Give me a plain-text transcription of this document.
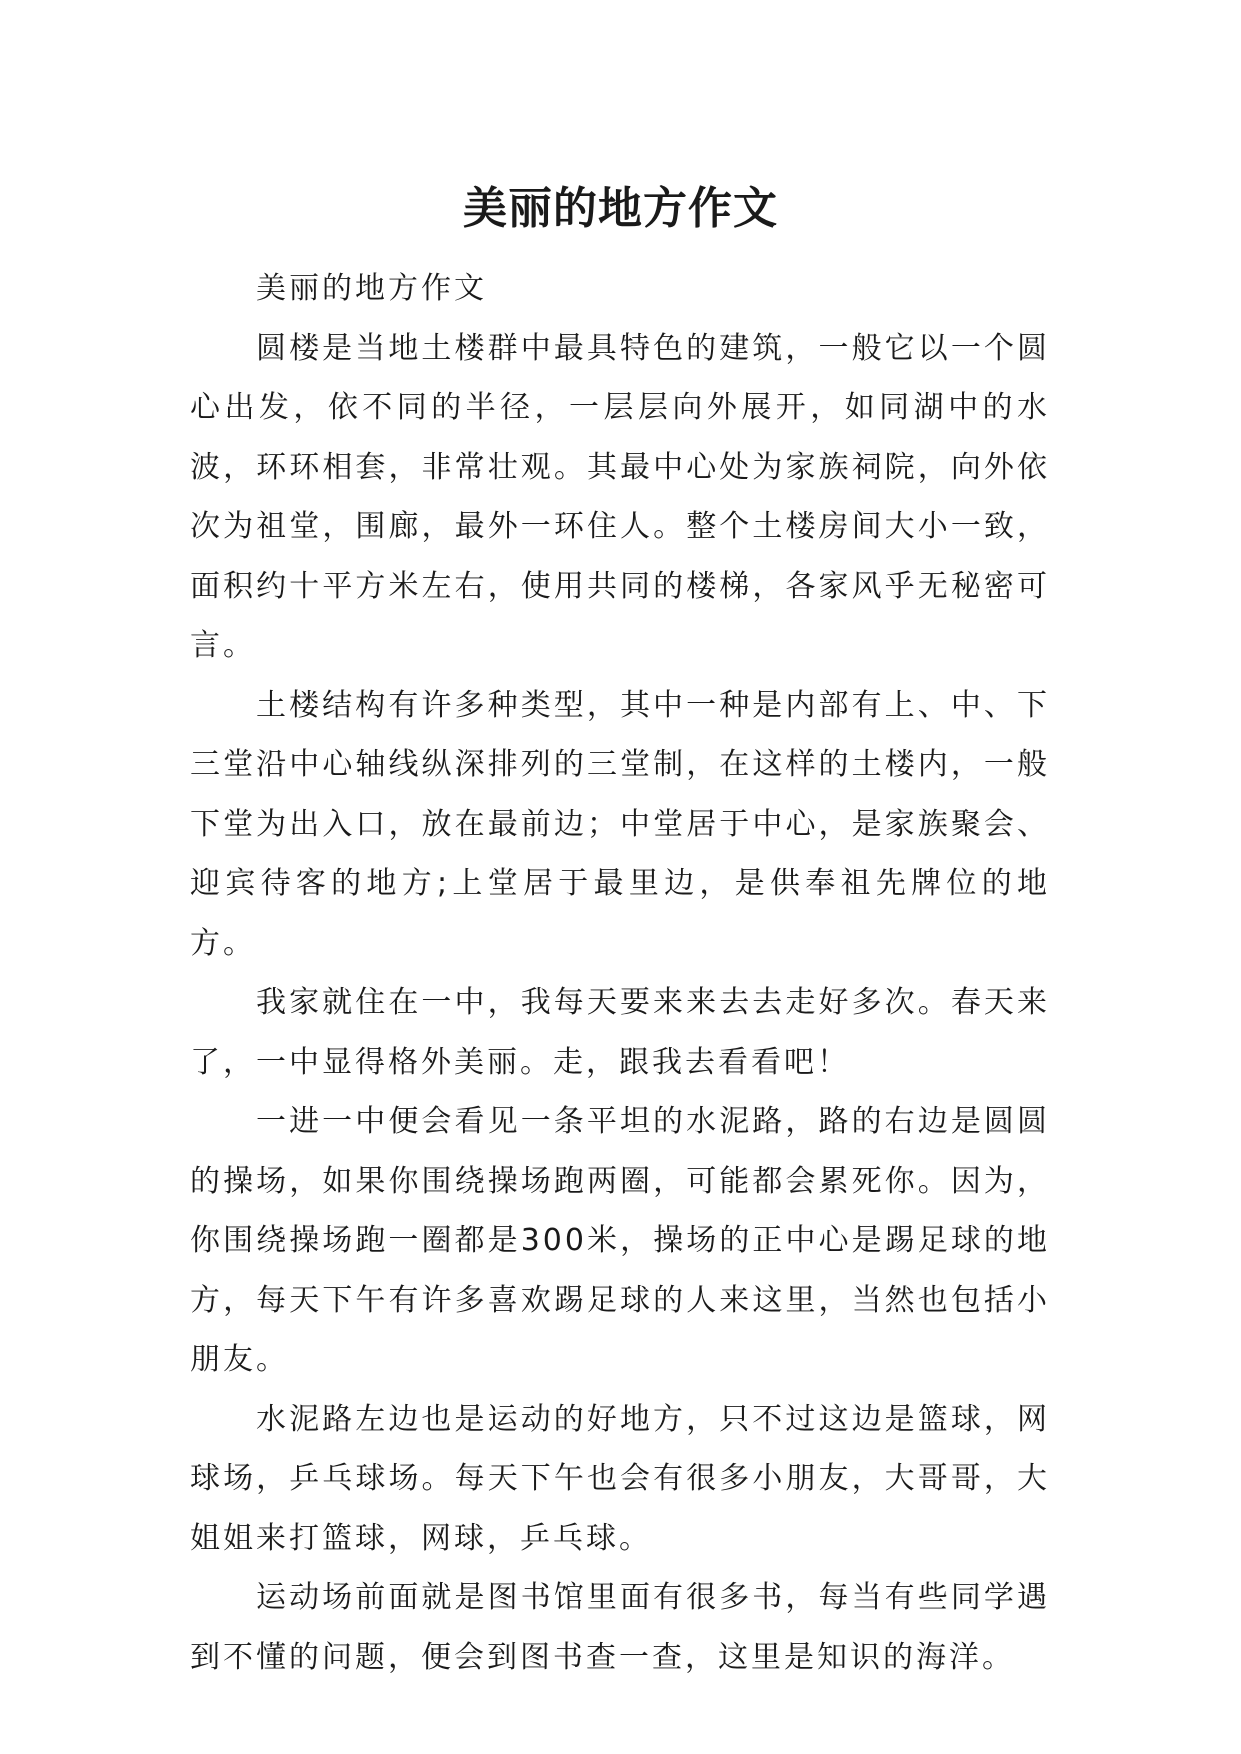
美丽的地方作文

美丽的地方作文

圆楼是当地土楼群中最具特色的建筑，一般它以一个圆心出发，依不同的半径，一层层向外展开，如同湖中的水波，环环相套，非常壮观。其最中心处为家族祠院，向外依次为祖堂，围廊，最外一环住人。整个土楼房间大小一致，面积约十平方米左右，使用共同的楼梯，各家风乎无秘密可言。

土楼结构有许多种类型，其中一种是内部有上、中、下三堂沿中心轴线纵深排列的三堂制，在这样的土楼内，一般下堂为出入口，放在最前边；中堂居于中心，是家族聚会、迎宾待客的地方;上堂居于最里边，是供奉祖先牌位的地方。

我家就住在一中，我每天要来来去去走好多次。春天来了，一中显得格外美丽。走，跟我去看看吧！

一进一中便会看见一条平坦的水泥路，路的右边是圆圆的操场，如果你围绕操场跑两圈，可能都会累死你。因为，你围绕操场跑一圈都是300米，操场的正中心是踢足球的地方，每天下午有许多喜欢踢足球的人来这里，当然也包括小朋友。

水泥路左边也是运动的好地方，只不过这边是篮球，网球场，乒乓球场。每天下午也会有很多小朋友，大哥哥，大姐姐来打篮球，网球，乒乓球。

运动场前面就是图书馆里面有很多书，每当有些同学遇到不懂的问题，便会到图书查一查，这里是知识的海洋。
